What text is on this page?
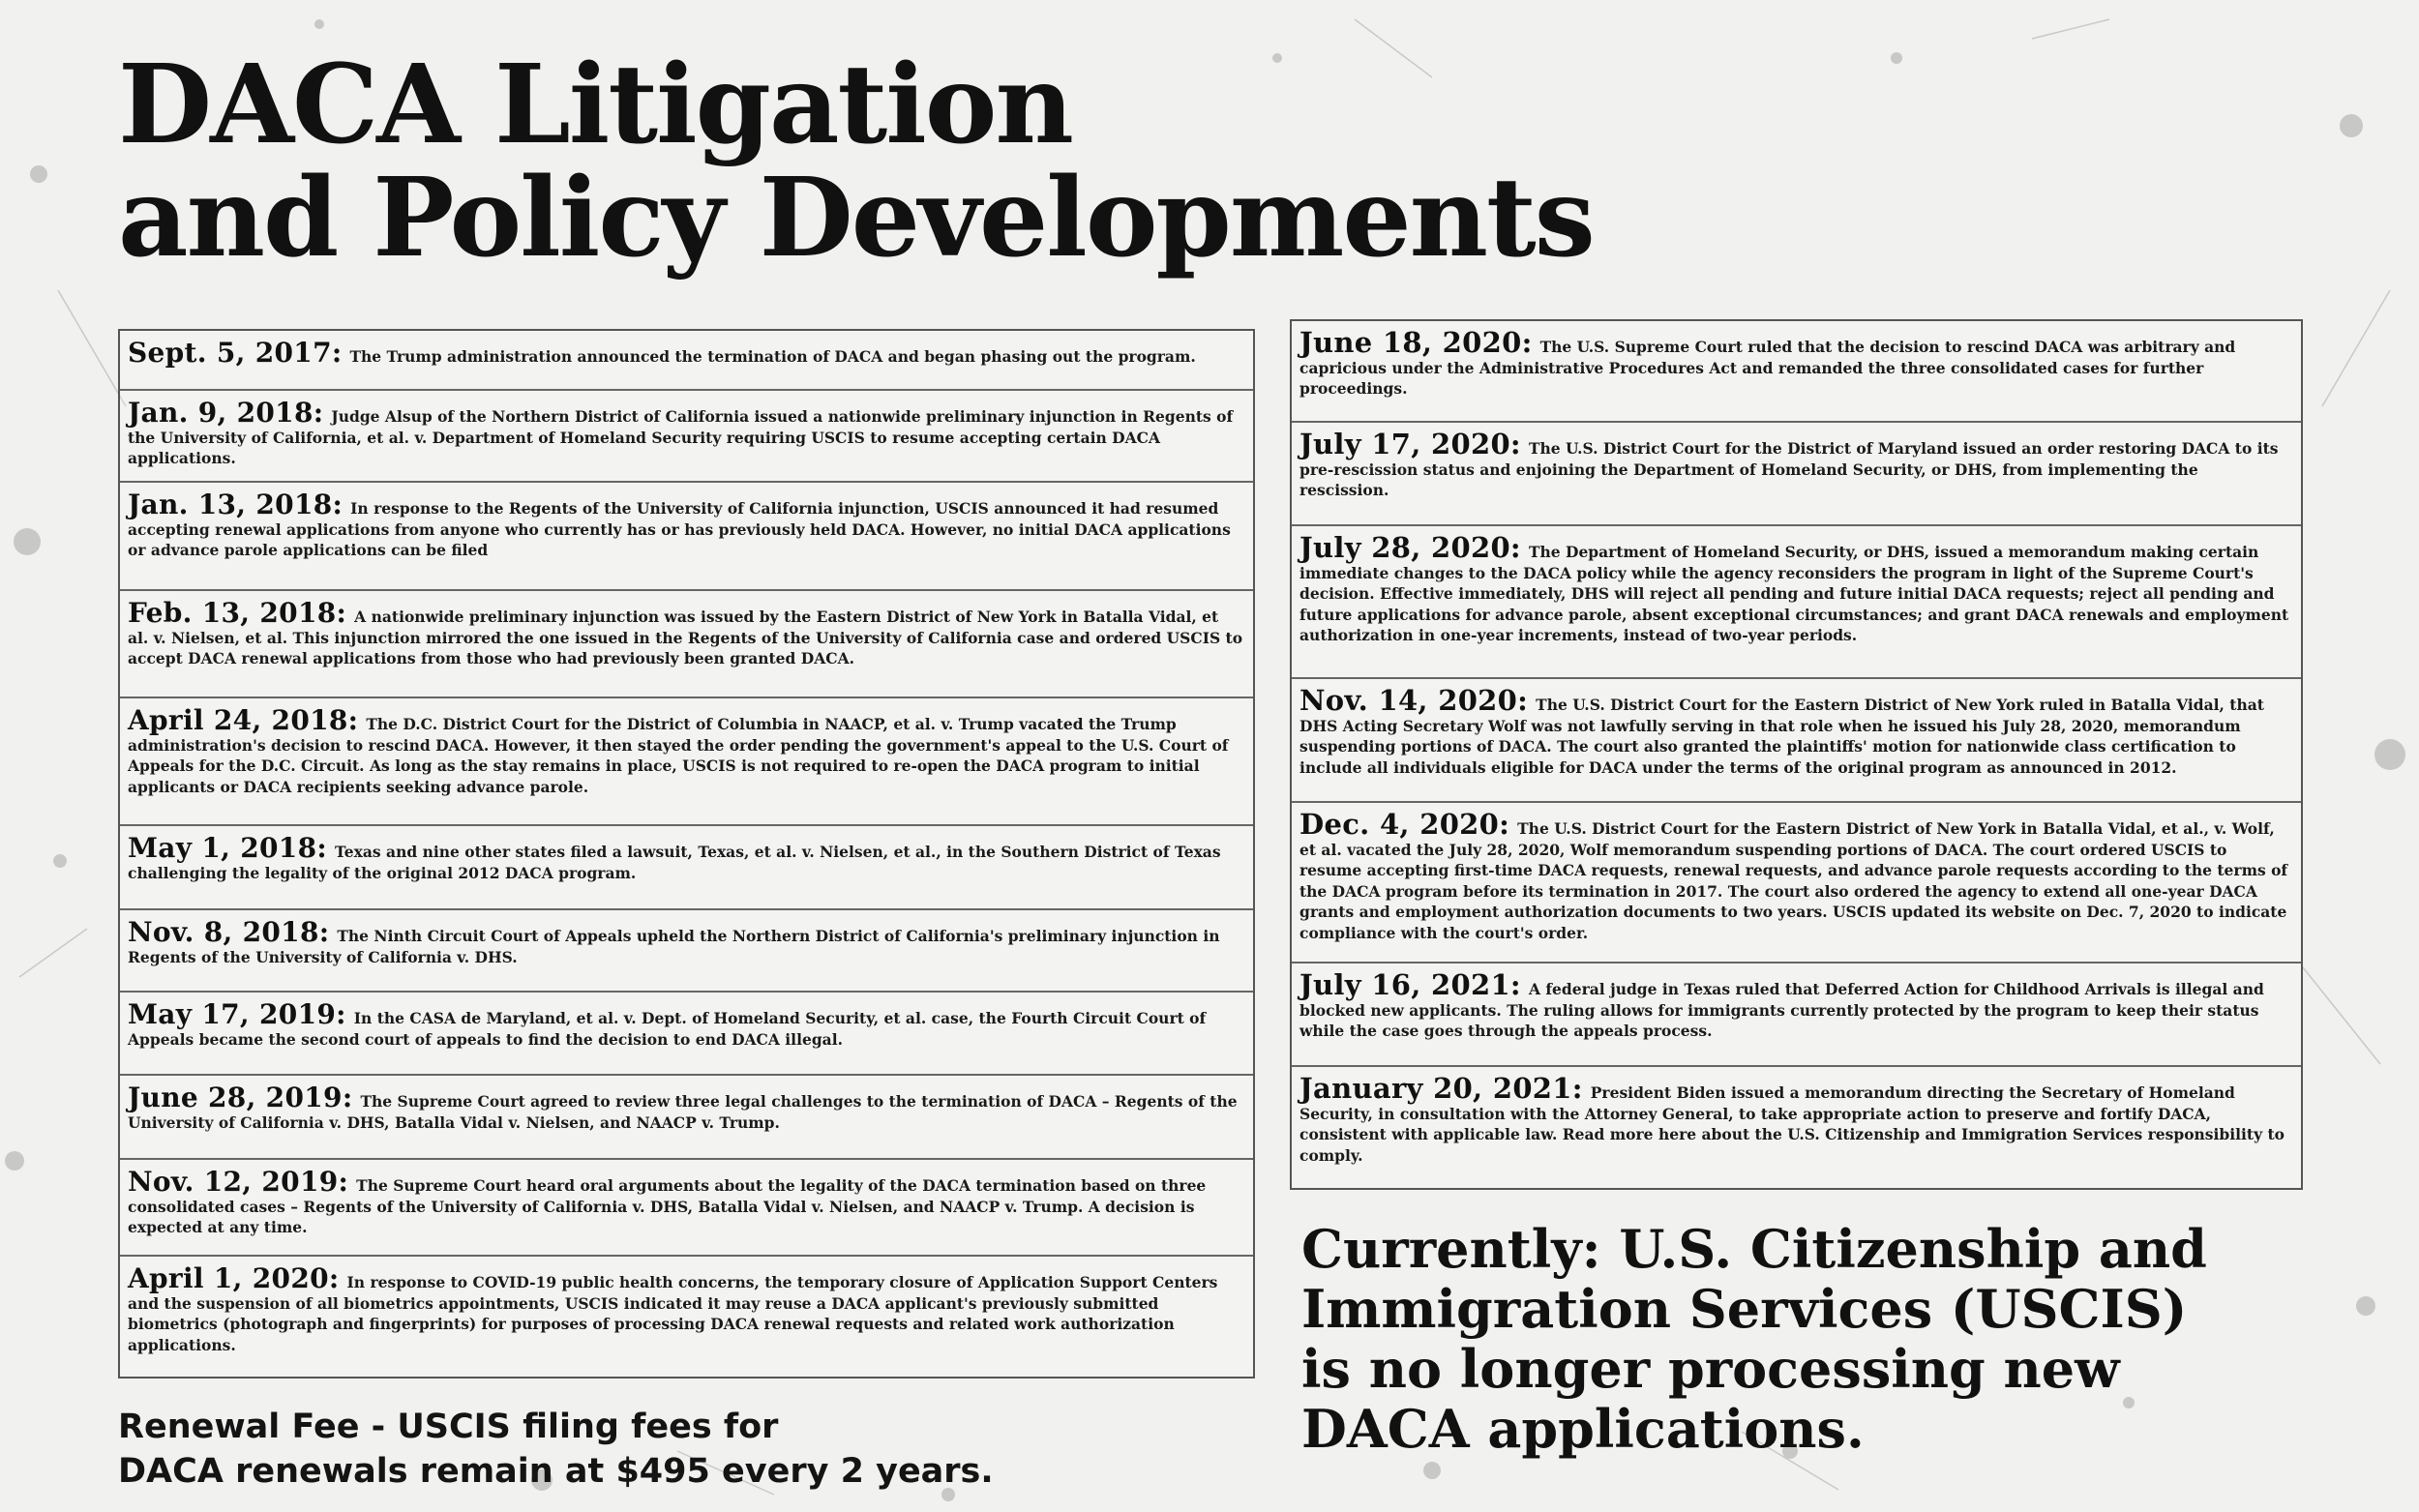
DACA Litigation
and Policy Developments
Sept. 5, 2017: The Trump administration announced the termination of DACA and began phasing out the program.
Jan. 9, 2018: Judge Alsup of the Northern District of California issued a nationwide preliminary injunction in Regents of the University of California, et al. v. Department of Homeland Security requiring USCIS to resume accepting certain DACA applications.
Jan. 13, 2018: In response to the Regents of the University of California injunction, USCIS announced it had resumed accepting renewal applications from anyone who currently has or has previously held DACA. However, no initial DACA applications or advance parole applications can be filed
Feb. 13, 2018: A nationwide preliminary injunction was issued by the Eastern District of New York in Batalla Vidal, et al. v. Nielsen, et al. This injunction mirrored the one issued in the Regents of the University of California case and ordered USCIS to accept DACA renewal applications from those who had previously been granted DACA.
April 24, 2018: The D.C. District Court for the District of Columbia in NAACP, et al. v. Trump vacated the Trump administration's decision to rescind DACA. However, it then stayed the order pending the government's appeal to the U.S. Court of Appeals for the D.C. Circuit. As long as the stay remains in place, USCIS is not required to re-open the DACA program to initial applicants or DACA recipients seeking advance parole.
May 1, 2018: Texas and nine other states filed a lawsuit, Texas, et al. v. Nielsen, et al., in the Southern District of Texas challenging the legality of the original 2012 DACA program.
Nov. 8, 2018: The Ninth Circuit Court of Appeals upheld the Northern District of California's preliminary injunction in Regents of the University of California v. DHS.
May 17, 2019: In the CASA de Maryland, et al. v. Dept. of Homeland Security, et al. case, the Fourth Circuit Court of Appeals became the second court of appeals to find the decision to end DACA illegal.
June 28, 2019: The Supreme Court agreed to review three legal challenges to the termination of DACA – Regents of the University of California v. DHS, Batalla Vidal v. Nielsen, and NAACP v. Trump.
Nov. 12, 2019: The Supreme Court heard oral arguments about the legality of the DACA termination based on three consolidated cases – Regents of the University of California v. DHS, Batalla Vidal v. Nielsen, and NAACP v. Trump. A decision is expected at any time.
April 1, 2020: In response to COVID-19 public health concerns, the temporary closure of Application Support Centers and the suspension of all biometrics appointments, USCIS indicated it may reuse a DACA applicant's previously submitted biometrics (photograph and fingerprints) for purposes of processing DACA renewal requests and related work authorization applications.
June 18, 2020: The U.S. Supreme Court ruled that the decision to rescind DACA was arbitrary and capricious under the Administrative Procedures Act and remanded the three consolidated cases for further proceedings.
July 17, 2020: The U.S. District Court for the District of Maryland issued an order restoring DACA to its pre-rescission status and enjoining the Department of Homeland Security, or DHS, from implementing the rescission.
July 28, 2020: The Department of Homeland Security, or DHS, issued a memorandum making certain immediate changes to the DACA policy while the agency reconsiders the program in light of the Supreme Court's decision. Effective immediately, DHS will reject all pending and future initial DACA requests; reject all pending and future applications for advance parole, absent exceptional circumstances; and grant DACA renewals and employment authorization in one-year increments, instead of two-year periods.
Nov. 14, 2020: The U.S. District Court for the Eastern District of New York ruled in Batalla Vidal, that DHS Acting Secretary Wolf was not lawfully serving in that role when he issued his July 28, 2020, memorandum suspending portions of DACA. The court also granted the plaintiffs' motion for nationwide class certification to include all individuals eligible for DACA under the terms of the original program as announced in 2012.
Dec. 4, 2020: The U.S. District Court for the Eastern District of New York in Batalla Vidal, et al., v. Wolf, et al. vacated the July 28, 2020, Wolf memorandum suspending portions of DACA. The court ordered USCIS to resume accepting first-time DACA requests, renewal requests, and advance parole requests according to the terms of the DACA program before its termination in 2017. The court also ordered the agency to extend all one-year DACA grants and employment authorization documents to two years. USCIS updated its website on Dec. 7, 2020 to indicate compliance with the court's order.
July 16, 2021: A federal judge in Texas ruled that Deferred Action for Childhood Arrivals is illegal and blocked new applicants. The ruling allows for immigrants currently protected by the program to keep their status while the case goes through the appeals process.
January 20, 2021: President Biden issued a memorandum directing the Secretary of Homeland Security, in consultation with the Attorney General, to take appropriate action to preserve and fortify DACA, consistent with applicable law. Read more here about the U.S. Citizenship and Immigration Services responsibility to comply.

Renewal Fee - USCIS filing fees for
DACA renewals remain at $495 every 2 years.

Currently: U.S. Citizenship and
Immigration Services (USCIS)
is no longer processing new
DACA applications.
